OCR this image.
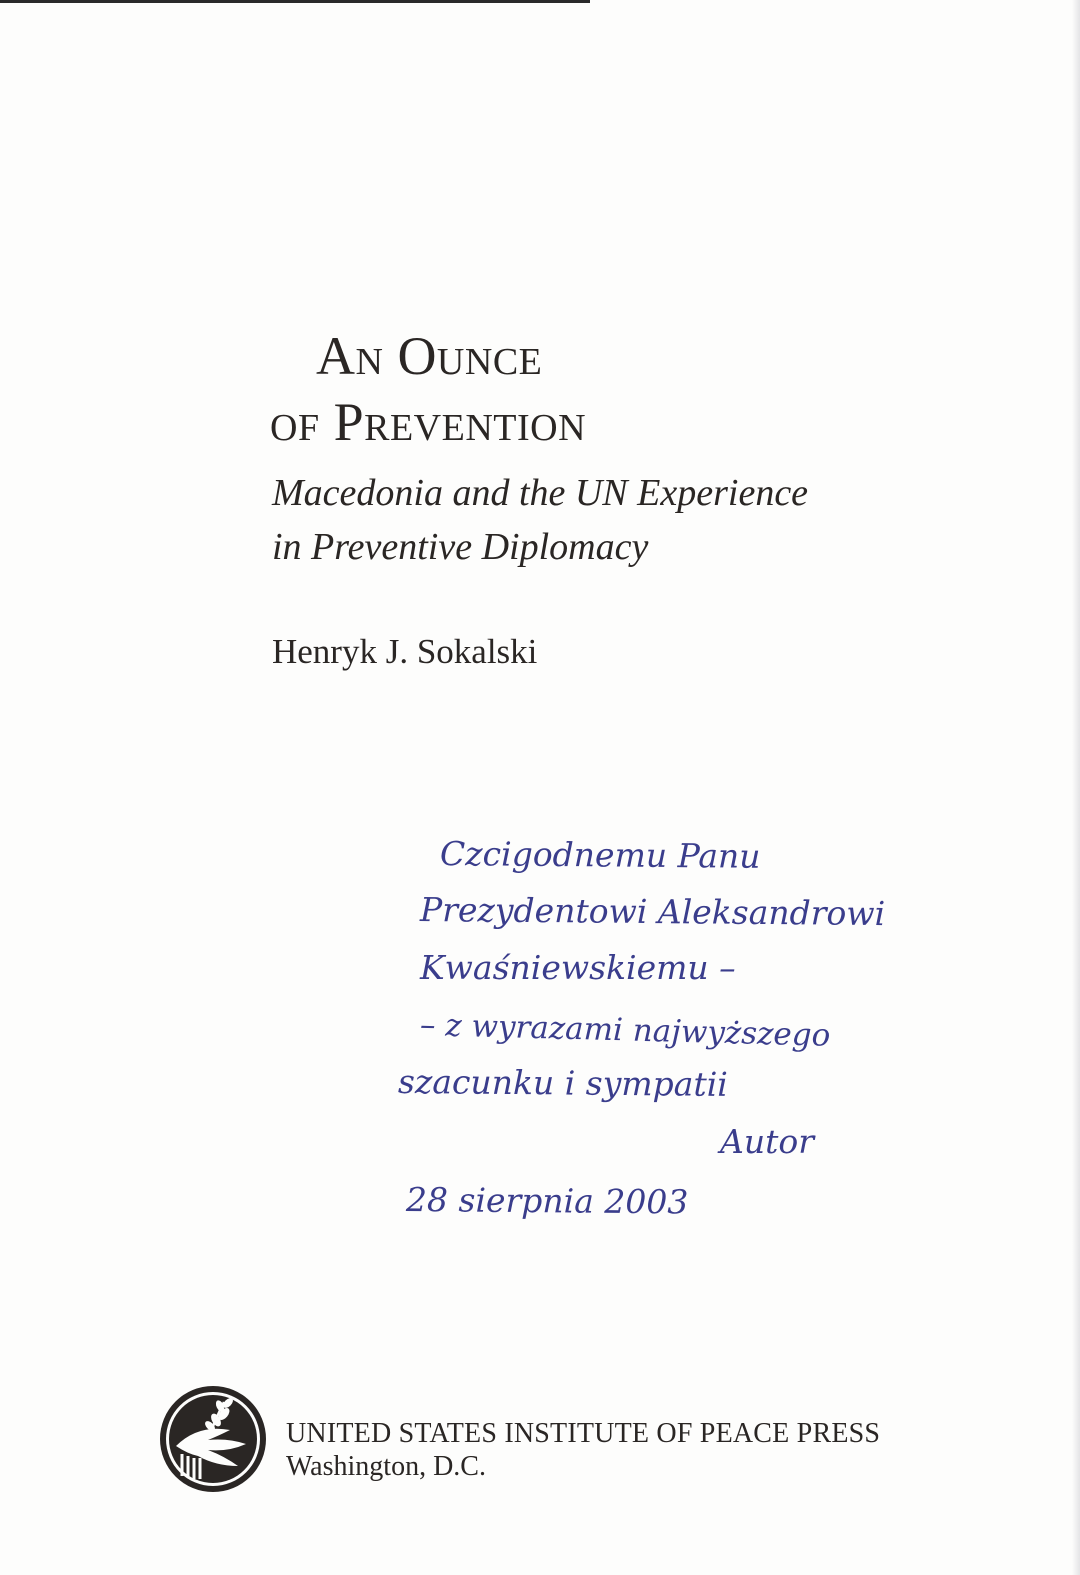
An Ounce
of Prevention
Macedonia and the UN Experience
in Preventive Diplomacy
Henryk J. Sokalski
Czcigodnemu Panu
Prezydentowi Aleksandrowi
Kwaśniewskiemu –
– z wyrazami najwyższego
szacunku i sympatii
Autor
28 sierpnia 2003
UNITED STATES INSTITUTE OF PEACE PRESS
Washington, D.C.
